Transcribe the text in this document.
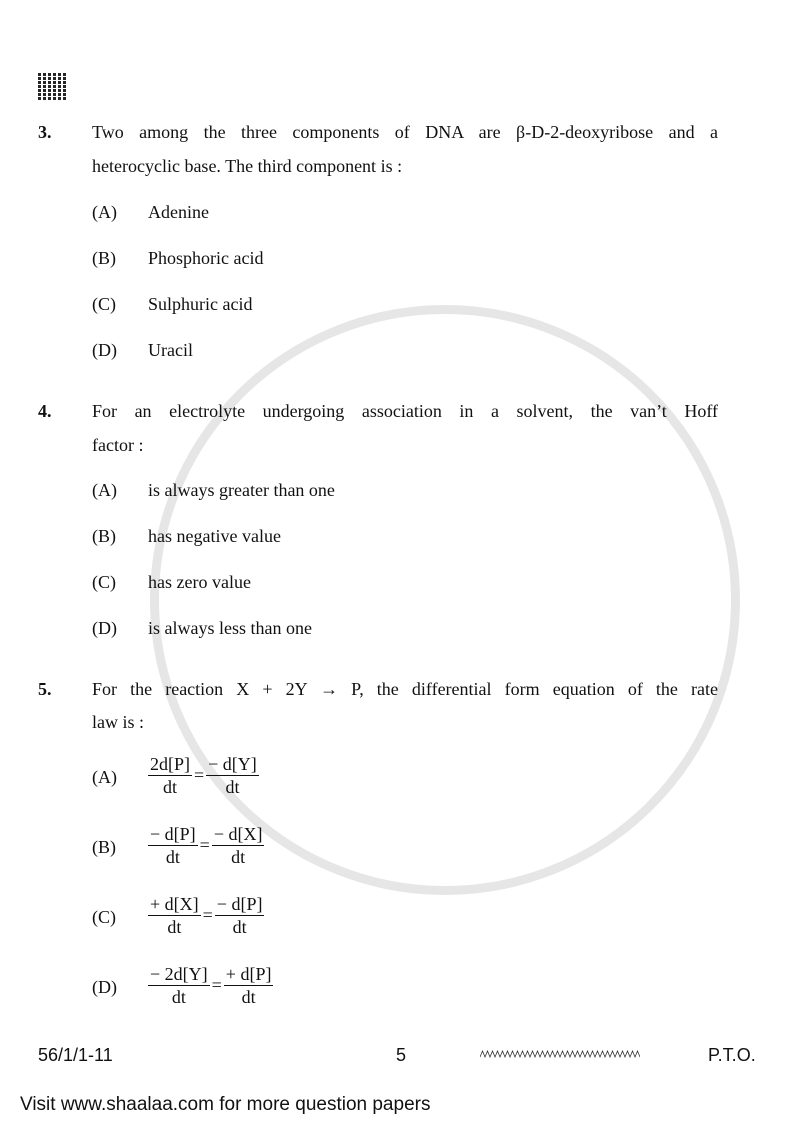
3. Two among the three components of DNA are β-D-2-deoxyribose and a
heterocyclic base. The third component is :
(A) Adenine
(B) Phosphoric acid
(C) Sulphuric acid
(D) Uracil
4. For an electrolyte undergoing association in a solvent, the van’t Hoff
factor :
(A) is always greater than one
(B) has negative value
(C) has zero value
(D) is always less than one
5. For the reaction X + 2Y → P, the differential form equation of the rate
law is :
$(A) \frac{2d[P]}{dt} = \frac{- d[Y]}{dt}$
$(B) \frac{- d[P]}{dt} = \frac{- d[X]}{dt}$
$(C) \frac{+ d[X]}{dt} = \frac{- d[P]}{dt}$
$(D) \frac{- 2d[Y]}{dt} = \frac{+ d[P]}{dt}$
56/1/1-11	5	P.T.O.
Visit www.shaalaa.com for more question papers
